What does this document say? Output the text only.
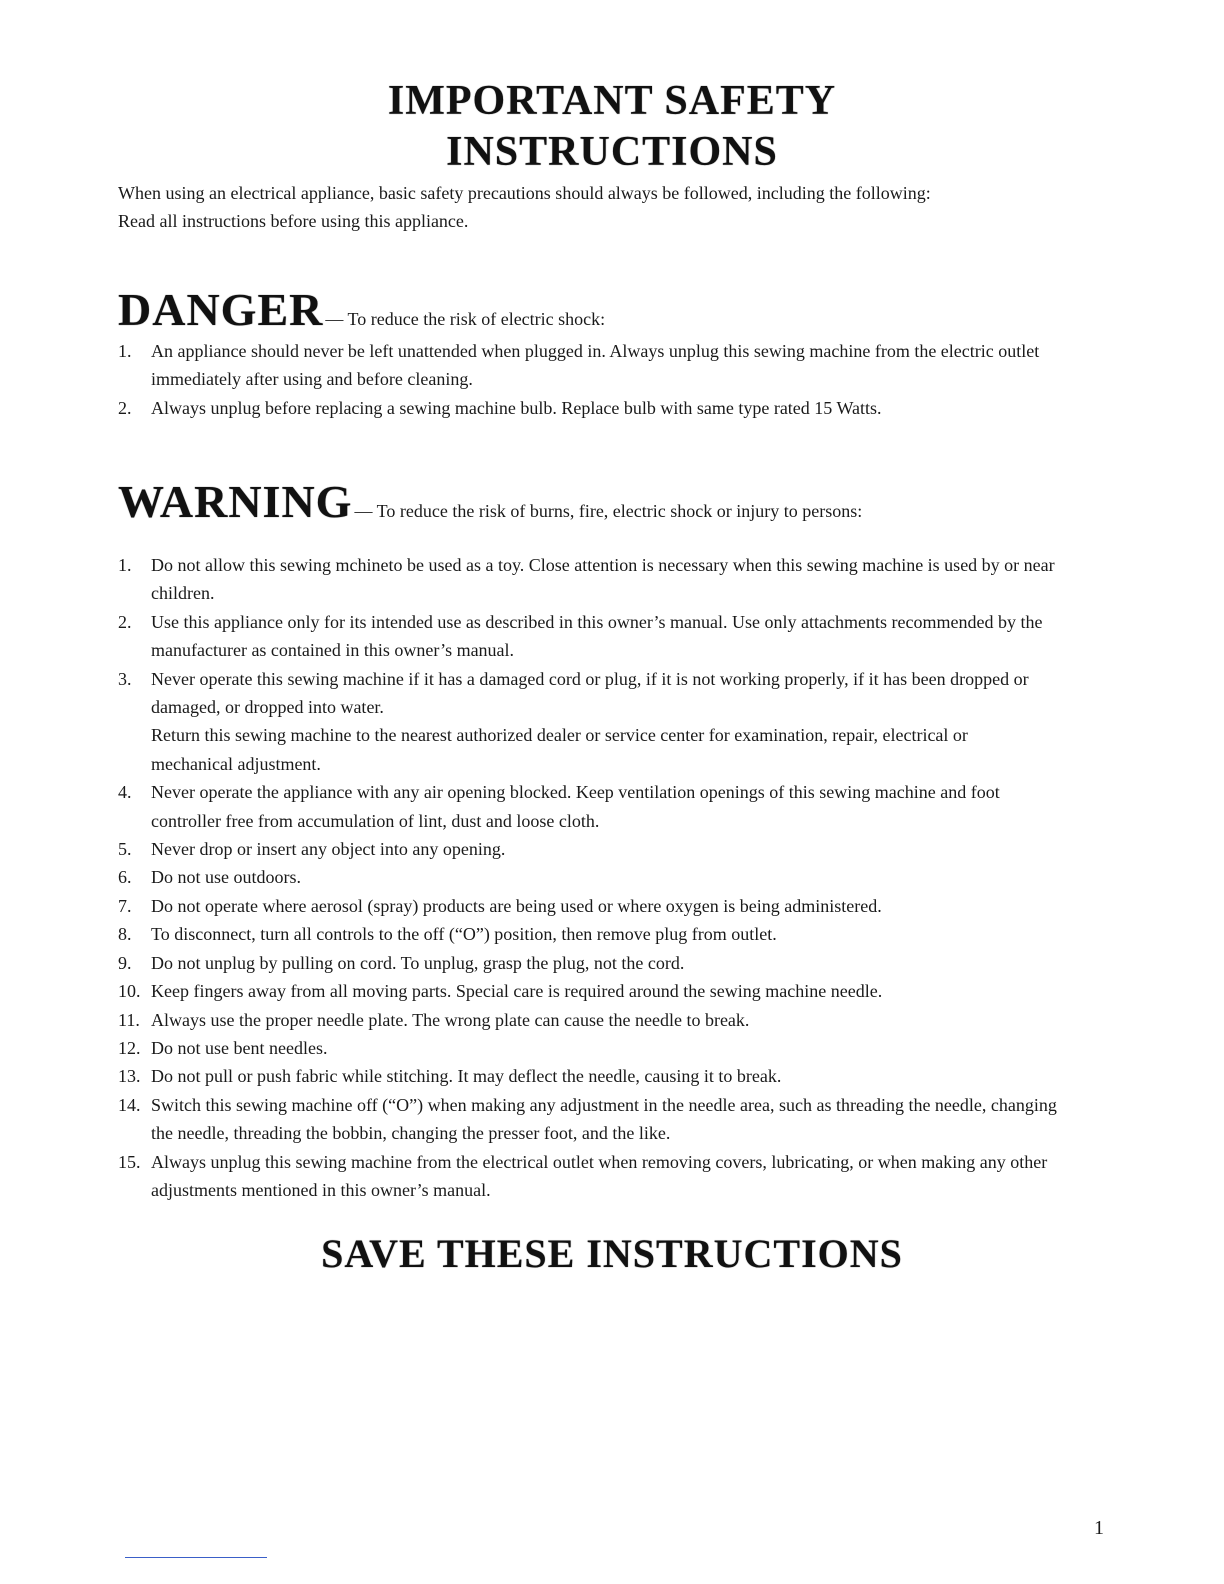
IMPORTANT SAFETY
INSTRUCTIONS
When using an electrical appliance, basic safety precautions should always be followed, including the following:
Read all instructions before using this appliance.
DANGER — To reduce the risk of electric shock:
1. An appliance should never be left unattended when plugged in. Always unplug this sewing machine from the electric outlet
immediately after using and before cleaning.
2. Always unplug before replacing a sewing machine bulb. Replace bulb with same type rated 15 Watts.
WARNING — To reduce the risk of burns, fire, electric shock or injury to persons:
1. Do not allow this sewing mchineto be used as a toy. Close attention is necessary when this sewing machine is used by or near
children.
2. Use this appliance only for its intended use as described in this owner’s manual. Use only attachments recommended by the
manufacturer as contained in this owner’s manual.
3. Never operate this sewing machine if it has a damaged cord or plug, if it is not working properly, if it has been dropped or
damaged, or dropped into water.
Return this sewing machine to the nearest authorized dealer or service center for examination, repair, electrical or
mechanical adjustment.
4. Never operate the appliance with any air opening blocked. Keep ventilation openings of this sewing machine and foot
controller free from accumulation of lint, dust and loose cloth.
5. Never drop or insert any object into any opening.
6. Do not use outdoors.
7. Do not operate where aerosol (spray) products are being used or where oxygen is being administered.
8. To disconnect, turn all controls to the off (“O”) position, then remove plug from outlet.
9. Do not unplug by pulling on cord. To unplug, grasp the plug, not the cord.
10. Keep fingers away from all moving parts. Special care is required around the sewing machine needle.
11. Always use the proper needle plate. The wrong plate can cause the needle to break.
12. Do not use bent needles.
13. Do not pull or push fabric while stitching. It may deflect the needle, causing it to break.
14. Switch this sewing machine off (“O”) when making any adjustment in the needle area, such as threading the needle, changing
the needle, threading the bobbin, changing the presser foot, and the like.
15. Always unplug this sewing machine from the electrical outlet when removing covers, lubricating, or when making any other
adjustments mentioned in this owner’s manual.
SAVE THESE INSTRUCTIONS
1
